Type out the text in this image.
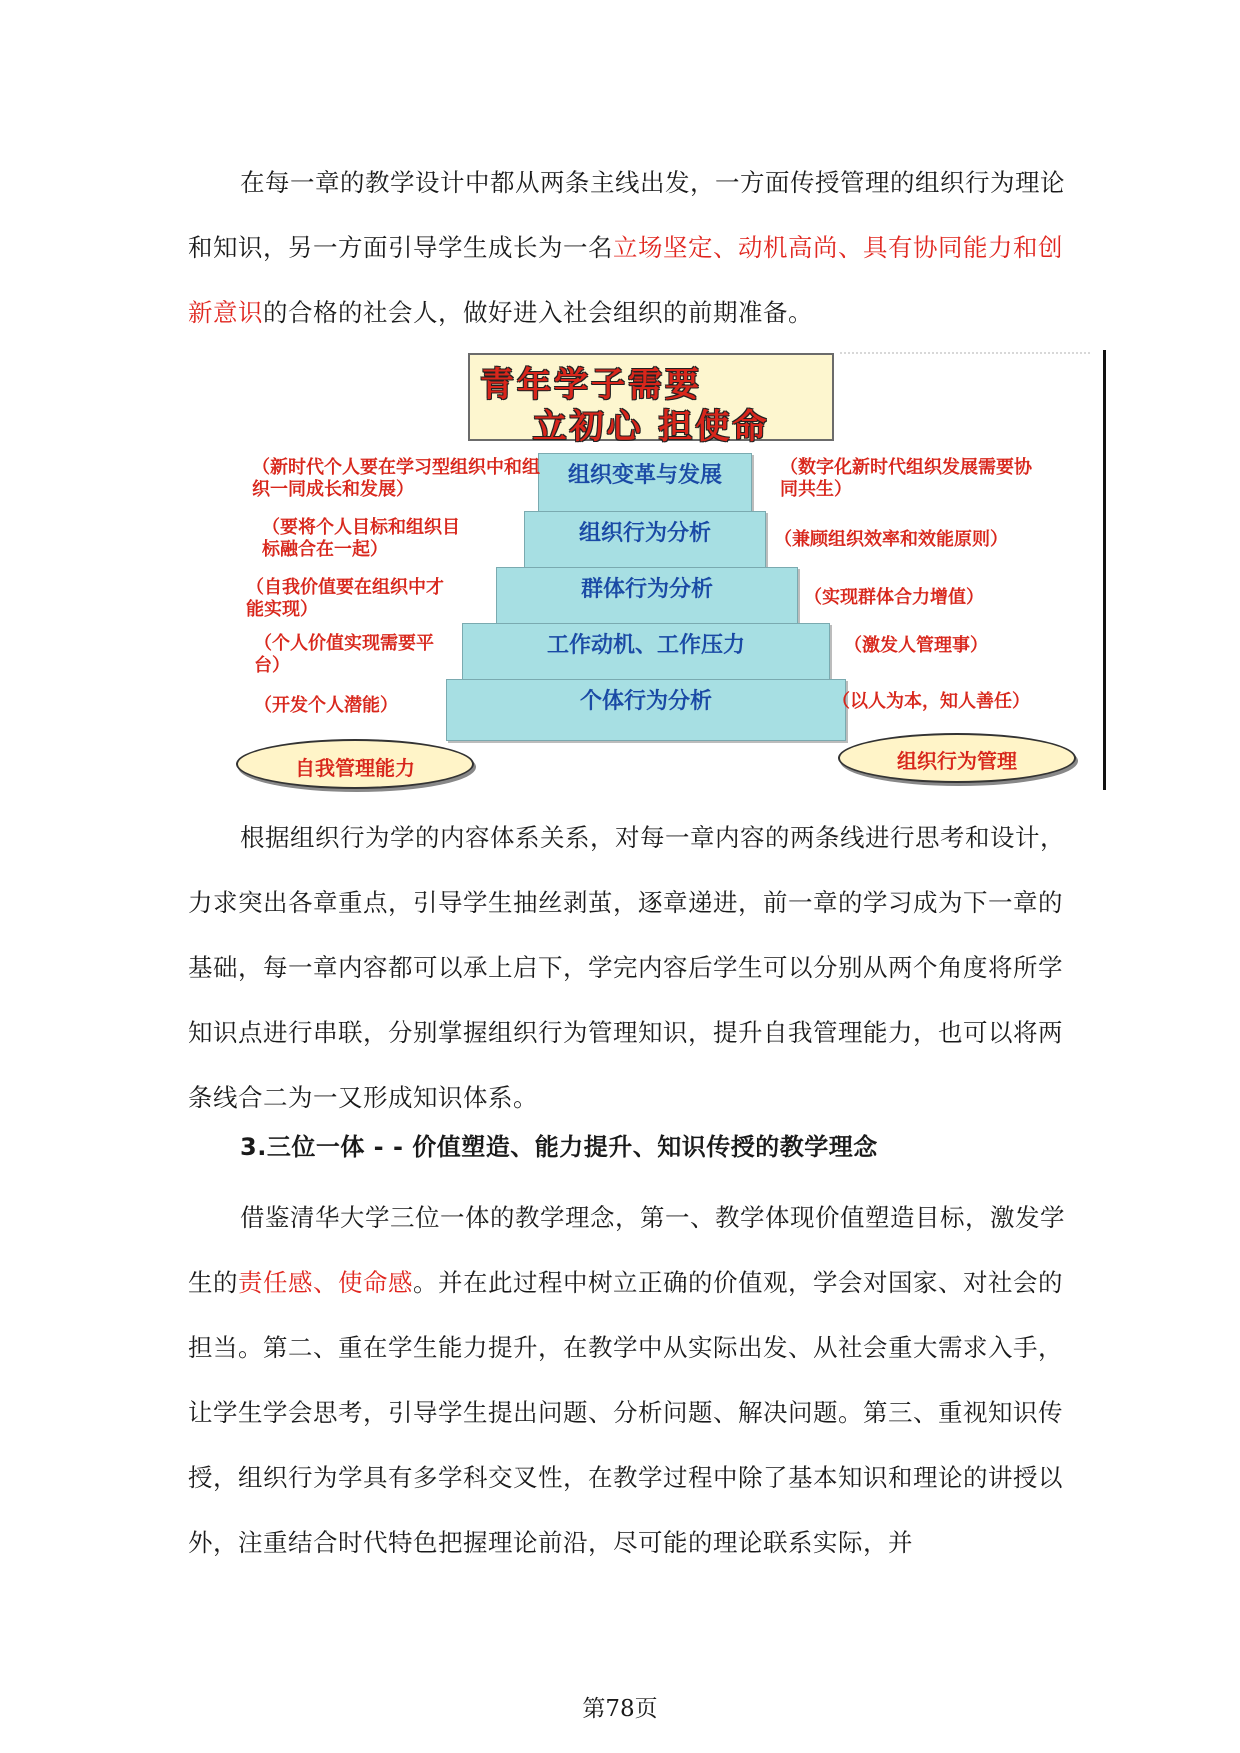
在每一章的教学设计中都从两条主线出发，一方面传授管理的组织行为理论和知识，另一方面引导学生成长为一名立场坚定、动机高尚、具有协同能力和创新意识的合格的社会人，做好进入社会组织的前期准备。
青年学子需要
立初心 担使命
组织变革与发展
组织行为分析
群体行为分析
工作动机、工作压力
个体行为分析
（新时代个人要在学习型组织中和组织一同成长和发展）
（要将个人目标和组织目标融合在一起）
（自我价值要在组织中才能实现）
（个人价值实现需要平台）
（开发个人潜能）
（数字化新时代组织发展需要协同共生）
（兼顾组织效率和效能原则）
（实现群体合力增值）
（激发人管理事）
（以人为本，知人善任）
自我管理能力	组织行为管理
根据组织行为学的内容体系关系，对每一章内容的两条线进行思考和设计，力求突出各章重点，引导学生抽丝剥茧，逐章递进，前一章的学习成为下一章的基础，每一章内容都可以承上启下，学完内容后学生可以分别从两个角度将所学知识点进行串联，分别掌握组织行为管理知识，提升自我管理能力，也可以将两条线合二为一又形成知识体系。
3.三位一体 - - 价值塑造、能力提升、知识传授的教学理念
借鉴清华大学三位一体的教学理念，第一、教学体现价值塑造目标，激发学生的责任感、使命感。并在此过程中树立正确的价值观，学会对国家、对社会的担当。第二、重在学生能力提升，在教学中从实际出发、从社会重大需求入手，让学生学会思考，引导学生提出问题、分析问题、解决问题。第三、重视知识传授，组织行为学具有多学科交叉性，在教学过程中除了基本知识和理论的讲授以外，注重结合时代特色把握理论前沿，尽可能的理论联系实际，并
第78页
